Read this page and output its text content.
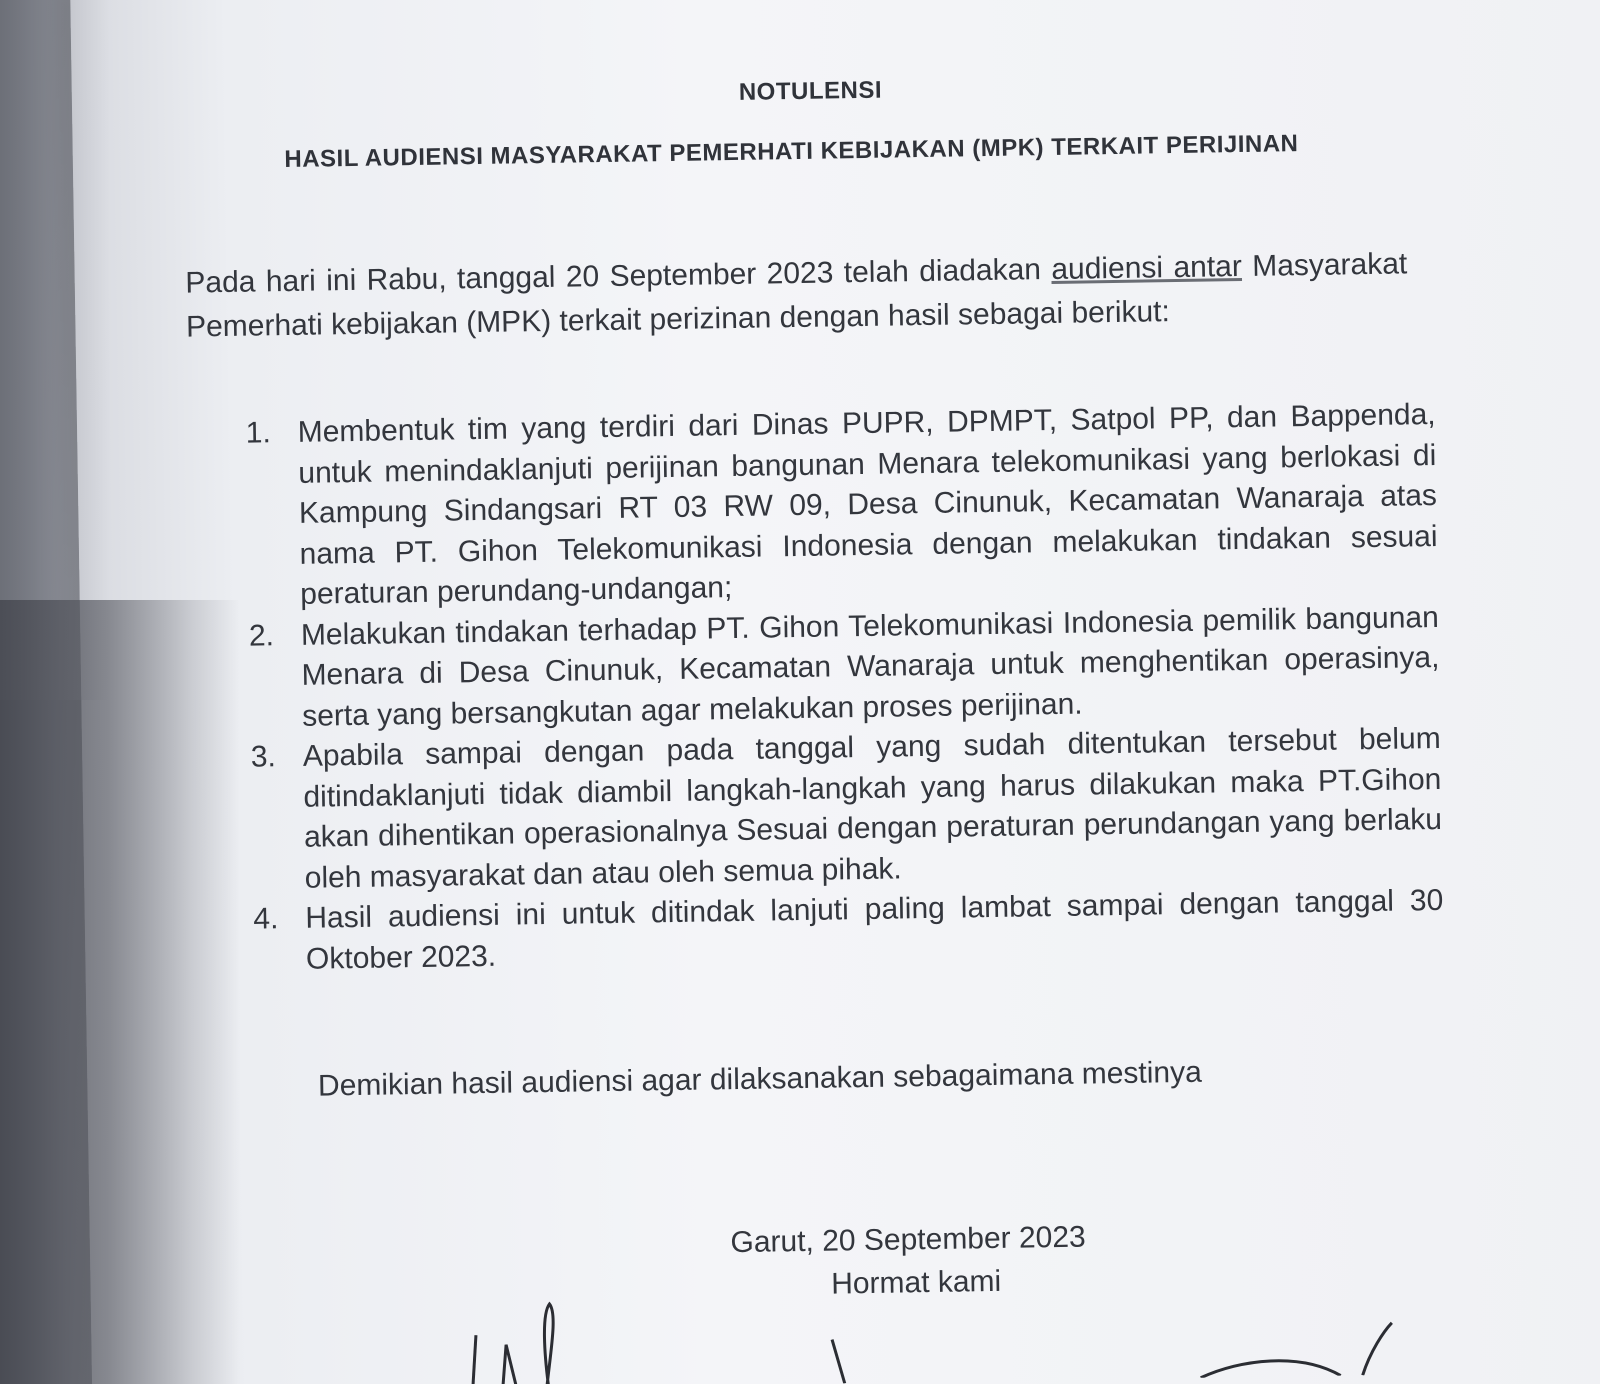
NOTULENSI
HASIL AUDIENSI MASYARAKAT PEMERHATI KEBIJAKAN (MPK) TERKAIT PERIJINAN
Pada hari ini Rabu, tanggal 20 September 2023 telah diadakan audiensi antar Masyarakat Pemerhati kebijakan (MPK) terkait perizinan dengan hasil sebagai berikut:
1. Membentuk tim yang terdiri dari Dinas PUPR, DPMPT, Satpol PP, dan Bappenda, untuk menindaklanjuti perijinan bangunan Menara telekomunikasi yang berlokasi di Kampung Sindangsari RT 03 RW 09, Desa Cinunuk, Kecamatan Wanaraja atas nama PT. Gihon Telekomunikasi Indonesia dengan melakukan tindakan sesuai peraturan perundang-undangan;
2. Melakukan tindakan terhadap PT. Gihon Telekomunikasi Indonesia pemilik bangunan Menara di Desa Cinunuk, Kecamatan Wanaraja untuk menghentikan operasinya, serta yang bersangkutan agar melakukan proses perijinan.
3. Apabila sampai dengan pada tanggal yang sudah ditentukan tersebut belum ditindaklanjuti tidak diambil langkah-langkah yang harus dilakukan maka PT.Gihon akan dihentikan operasionalnya Sesuai dengan peraturan perundangan yang berlaku oleh masyarakat dan atau oleh semua pihak.
4. Hasil audiensi ini untuk ditindak lanjuti paling lambat sampai dengan tanggal 30 Oktober 2023.
Demikian hasil audiensi agar dilaksanakan sebagaimana mestinya
Garut, 20 September 2023
Hormat kami
